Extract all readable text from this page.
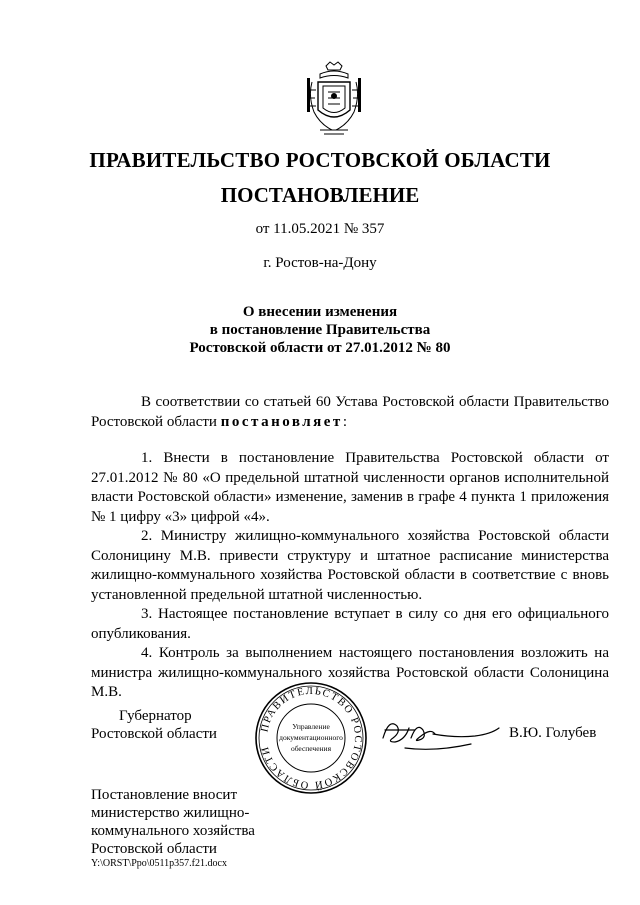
ПРАВИТЕЛЬСТВО РОСТОВСКОЙ ОБЛАСТИ
ПОСТАНОВЛЕНИЕ
от 11.05.2021 № 357
г. Ростов-на-Дону
О внесении изменения
в постановление Правительства
Ростовской области от 27.01.2012 № 80

В соответствии со статьей 60 Устава Ростовской области Правительство Ростовской области постановляет:

1. Внести в постановление Правительства Ростовской области от 27.01.2012 № 80 «О предельной штатной численности органов исполнительной власти Ростовской области» изменение, заменив в графе 4 пункта 1 приложения № 1 цифру «3» цифрой «4».

2. Министру жилищно-коммунального хозяйства Ростовской области Солоницину М.В. привести структуру и штатное расписание министерства жилищно-коммунального хозяйства Ростовской области в соответствие с вновь установленной предельной штатной численностью.

3. Настоящее постановление вступает в силу со дня его официального опубликования.

4. Контроль за выполнением настоящего постановления возложить на министра жилищно-коммунального хозяйства Ростовской области Солоницина М.В.

Губернатор
Ростовской области	ПРАВИТЕЛЬСТВО РОСТОВСКОЙ ОБЛАСТИ
Управление
документационного
обеспечения
В.Ю. Голубев
Постановление вносит
министерство жилищно-
коммунального хозяйства
Ростовской области
Y:\ORST\Ppo\0511p357.f21.docx
